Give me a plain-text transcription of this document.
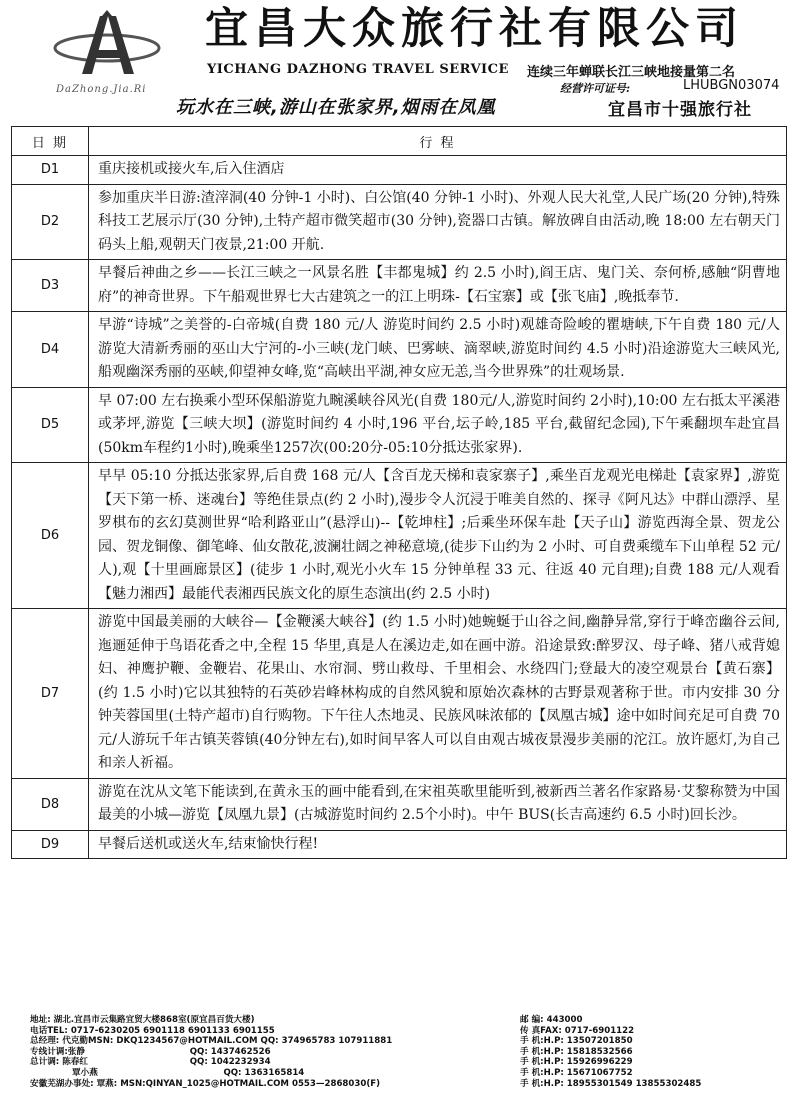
DaZhong.Jia.Ri
宜昌大众旅行社有限公司
YICHANG DAZHONG TRAVEL SERVICE 连续三年蝉联长江三峡地接量第二名
经营许可证号:	LHUBGN03074
玩水在三峡,游山在张家界,烟雨在凤凰	宜昌市十强旅行社
日 期	行 程
D1	重庆接机或接火车,后入住酒店
D2	参加重庆半日游:渣滓洞(40 分钟-1 小时)、白公馆(40 分钟-1 小时)、外观人民大礼堂,人民广场(20 分钟),特殊科技工艺展示厅(30 分钟),土特产超市微笑超市(30 分钟),瓷器口古镇。解放碑自由活动,晚 18:00 左右朝天门码头上船,观朝天门夜景,21:00 开航.
D3	早餐后神曲之乡——长江三峡之一风景名胜【丰都鬼城】约 2.5 小时),阎王店、鬼门关、奈何桥,感触“阴曹地府”的神奇世界。下午船观世界七大古建筑之一的江上明珠-【石宝寨】或【张飞庙】,晚抵奉节.
D4	早游“诗城”之美誉的-白帝城(自费 180 元/人 游览时间约 2.5 小时)观雄奇险峻的瞿塘峡,下午自费 180 元/人游览大清新秀丽的巫山大宁河的-小三峡(龙门峡、巴雾峡、滴翠峡,游览时间约 4.5 小时)沿途游览大三峡风光,船观幽深秀丽的巫峡,仰望神女峰,览“高峡出平湖,神女应无恙,当今世界殊”的壮观场景.
D5	早 07:00 左右换乘小型环保船游览九畹溪峡谷风光(自费 180元/人,游览时间约 2小时),10:00 左右抵太平溪港或茅坪,游览【三峡大坝】(游览时间约 4 小时,196 平台,坛子岭,185 平台,截留纪念园),下午乘翻坝车赴宜昌(50km车程约1小时),晚乘坐1257次(00:20分-05:10分抵达张家界).
D6	早早 05:10 分抵达张家界,后自费 168 元/人【含百龙天梯和袁家寨子】,乘坐百龙观光电梯赴【袁家界】,游览【天下第一桥、迷魂台】等绝佳景点(约 2 小时),漫步令人沉浸于唯美自然的、探寻《阿凡达》中群山漂浮、星罗棋布的玄幻莫测世界“哈利路亚山”(悬浮山)--【乾坤柱】;后乘坐环保车赴【天子山】游览西海全景、贺龙公园、贺龙铜像、御笔峰、仙女散花,波澜壮阔之神秘意境,(徒步下山约为 2 小时、可自费乘缆车下山单程 52 元/人),观【十里画廊景区】(徒步 1 小时,观光小火车 15 分钟单程 33 元、往返 40 元自理);自费 188 元/人观看【魅力湘西】最能代表湘西民族文化的原生态演出(约 2.5 小时)
D7	游览中国最美丽的大峡谷—【金鞭溪大峡谷】(约 1.5 小时)她蜿蜒于山谷之间,幽静异常,穿行于峰峦幽谷云间,迤逦延伸于鸟语花香之中,全程 15 华里,真是人在溪边走,如在画中游。沿途景致:醉罗汉、母子峰、猪八戒背媳妇、神鹰护鞭、金鞭岩、花果山、水帘洞、劈山救母、千里相会、水绕四门;登最大的凌空观景台【黄石寨】(约 1.5 小时)它以其独特的石英砂岩峰林构成的自然风貌和原始次森林的古野景观著称于世。市内安排 30 分钟芙蓉国里(土特产超市)自行购物。下午往人杰地灵、民族风味浓郁的【凤凰古城】途中如时间充足可自费 70元/人游玩千年古镇芙蓉镇(40分钟左右),如时间早客人可以自由观古城夜景漫步美丽的沱江。放许愿灯,为自己和亲人祈福。
D8	游览在沈从文笔下能读到,在黄永玉的画中能看到,在宋祖英歌里能听到,被新西兰著名作家路易·艾黎称赞为中国最美的小城—游览【凤凰九景】(古城游览时间约 2.5个小时)。中午 BUS(长吉高速约 6.5 小时)回长沙。
D9	早餐后送机或送火车,结束愉快行程!
地址: 湖北.宜昌市云集路宜贸大楼868室(原宜昌百货大楼)
电话TEL: 0717-6230205 6901118 6901133 6901155
总经理: 代克勤MSN: DKQ1234567@HOTMAIL.COM QQ: 374965783 107911881
专线计调:张静                                   QQ: 1437462526
总计调: 陈春红                                  QQ: 1042232934
覃小燕                                          QQ: 1363165814
安徽芜湖办事处: 覃燕: MSN:QINYAN_1025@HOTMAIL.COM 0553—2868030(F)
邮 编: 443000
传 真FAX: 0717-6901122
手 机:H.P: 13507201850
手 机:H.P: 15818532566
手 机:H.P: 15926996229
手 机:H.P: 15671067752
手 机:H.P: 18955301549 13855302485
